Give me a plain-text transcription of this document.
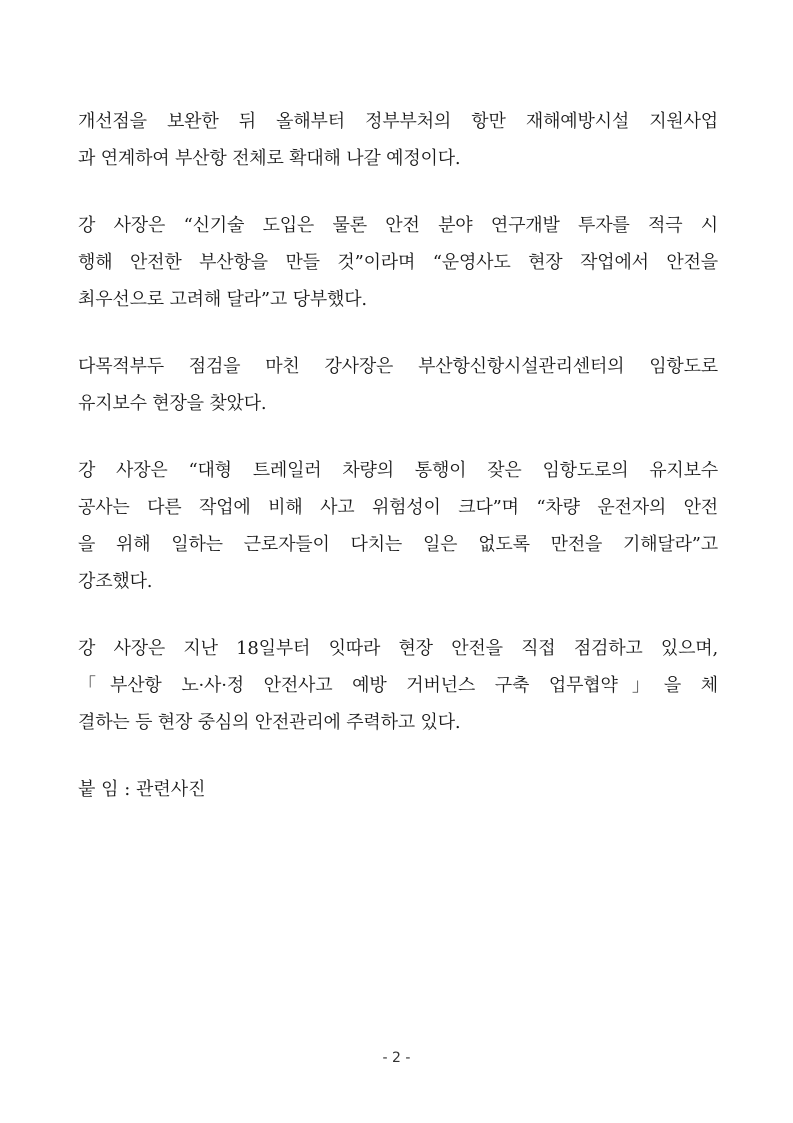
개선점을 보완한 뒤 올해부터 정부부처의 항만 재해예방시설 지원사업
과 연계하여 부산항 전체로 확대해 나갈 예정이다.
강 사장은 “신기술 도입은 물론 안전 분야 연구개발 투자를 적극 시
행해 안전한 부산항을 만들 것”이라며 “운영사도 현장 작업에서 안전을
최우선으로 고려해 달라”고 당부했다.
다목적부두 점검을 마친 강사장은 부산항신항시설관리센터의 임항도로
유지보수 현장을 찾았다.
강 사장은 “대형 트레일러 차량의 통행이 잦은 임항도로의 유지보수
공사는 다른 작업에 비해 사고 위험성이 크다”며 “차량 운전자의 안전
을 위해 일하는 근로자들이 다치는 일은 없도록 만전을 기해달라”고
강조했다.
강 사장은 지난 18일부터 잇따라 현장 안전을 직접 점검하고 있으며,
「부산항 노·사·정 안전사고 예방 거버넌스 구축 업무협약」을 체
결하는 등 현장 중심의 안전관리에 주력하고 있다.
붙 임 : 관련사진
- 2 -
